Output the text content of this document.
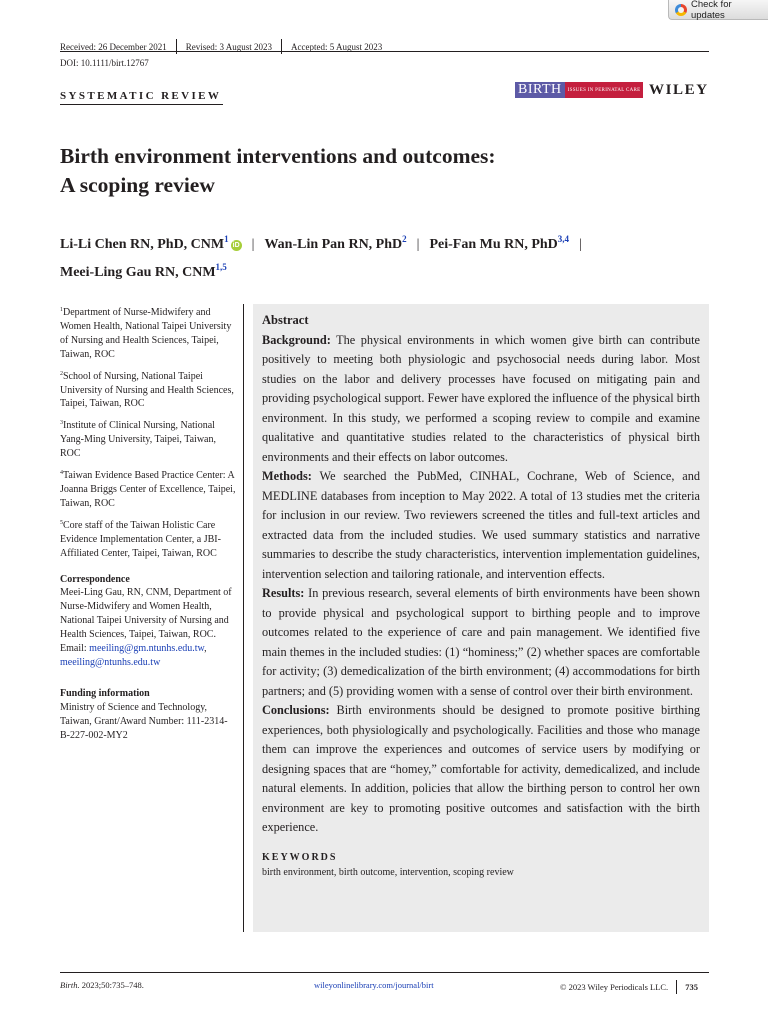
Check for updates
Received: 26 December 2021 Revised: 3 August 2023 Accepted: 5 August 2023
DOI: 10.1111/birt.12767
SYSTEMATIC REVIEW	BIRTH	ISSUES IN PERINATAL CARE WILEY
Birth environment interventions and outcomes:
A scoping review
Li-Li Chen RN, PhD, CNM$^1$iD | Wan-Lin Pan RN, PhD$^2$ | Pei-Fan Mu RN, PhD$^{3,4}$ |
Meei-Ling Gau RN, CNM$^{1,5}$

$^1$Department of Nurse-Midwifery and Women Health, National Taipei University of Nursing and Health Sciences, Taipei, Taiwan, ROC

$^2$School of Nursing, National Taipei University of Nursing and Health Sciences, Taipei, Taiwan, ROC

$^3$Institute of Clinical Nursing, National Yang-Ming University, Taipei, Taiwan, ROC

$^4$Taiwan Evidence Based Practice Center: A Joanna Briggs Center of Excellence, Taipei, Taiwan, ROC

$^5$Core staff of the Taiwan Holistic Care Evidence Implementation Center, a JBI-Affiliated Center, Taipei, Taiwan, ROC

Correspondence

Meei-Ling Gau, RN, CNM, Department of Nurse-Midwifery and Women Health, National Taipei University of Nursing and Health Sciences, Taipei, Taiwan, ROC.

Email: meeiling@gm.ntunhs.edu.tw,
meeiling@ntunhs.edu.tw

Funding information

Ministry of Science and Technology, Taiwan, Grant/Award Number: 111-2314-B-227-002-MY2

Abstract

Background: The physical environments in which women give birth can contribute positively to meeting both physiologic and psychosocial needs during labor. Most studies on the labor and delivery processes have focused on mitigating pain and providing psychological support. Fewer have explored the influence of the physical birth environment. In this study, we performed a scoping review to compile and examine qualitative and quantitative studies related to the characteristics of physical birth environments and their effects on labor outcomes.

Methods: We searched the PubMed, CINHAL, Cochrane, Web of Science, and MEDLINE databases from inception to May 2022. A total of 13 studies met the criteria for inclusion in our review. Two reviewers screened the titles and full-text articles and extracted data from the included studies. We used summary statistics and narrative summaries to describe the study characteristics, intervention implementation guidelines, intervention selection and tailoring rationale, and intervention effects.

Results: In previous research, several elements of birth environments have been shown to provide physical and psychological support to birthing people and to improve outcomes related to the experience of care and pain management. We identified five main themes in the included studies: (1) “hominess;” (2) whether spaces are comfortable for activity; (3) demedicalization of the birth environment; (4) accommodations for birth partners; and (5) providing women with a sense of control over their birth environment.

Conclusions: Birth environments should be designed to promote positive birthing experiences, both physiologically and psychologically. Facilities and those who manage them can improve the experiences and outcomes of service users by modifying or designing spaces that are “homey,” comfortable for activity, demedicalized, and include natural elements. In addition, policies that allow the birthing person to control her own environment are key to promoting positive outcomes and satisfaction with the birth experience.

KEYWORDS
birth environment, birth outcome, intervention, scoping review
Birth. 2023;50:735–748.	wileyonlinelibrary.com/journal/birt	© 2023 Wiley Periodicals LLC. 735
